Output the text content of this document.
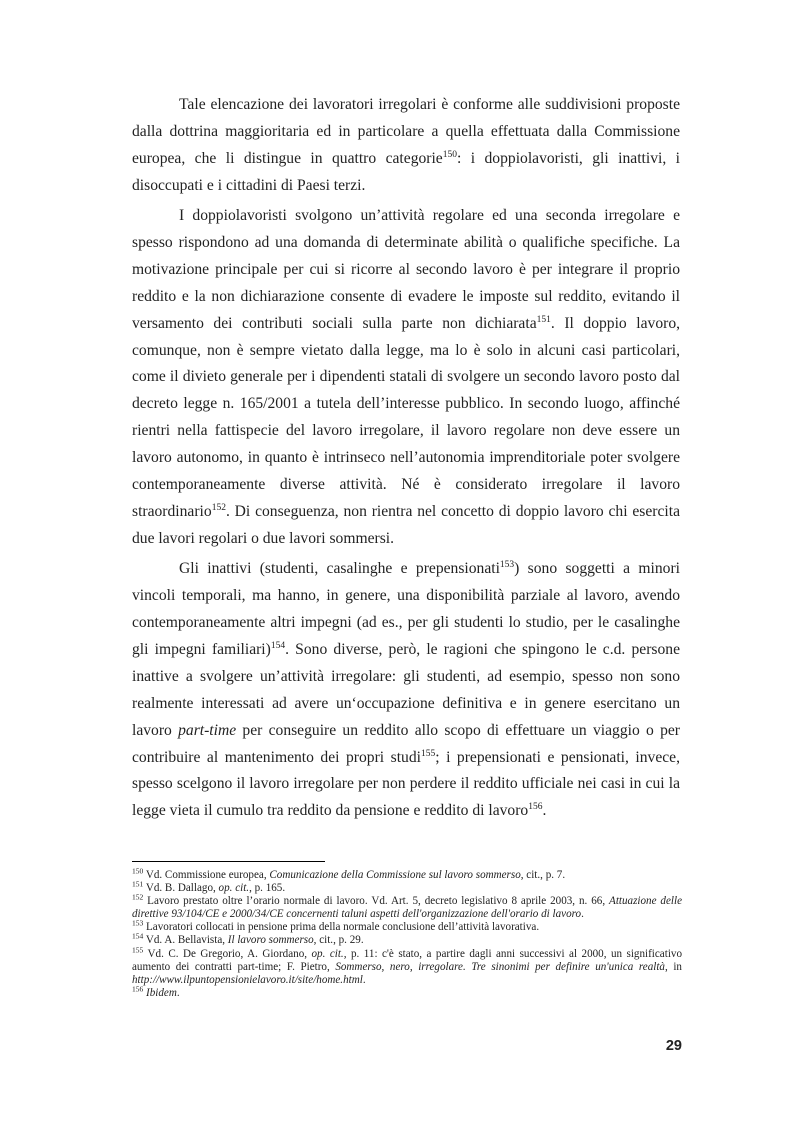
Tale elencazione dei lavoratori irregolari è conforme alle suddivisioni proposte dalla dottrina maggioritaria ed in particolare a quella effettuata dalla Commissione europea, che li distingue in quattro categorie$^{150}$: i doppiolavoristi, gli inattivi, i disoccupati e i cittadini di Paesi terzi.

I doppiolavoristi svolgono un’attività regolare ed una seconda irregolare e spesso rispondono ad una domanda di determinate abilità o qualifiche specifiche. La motivazione principale per cui si ricorre al secondo lavoro è per integrare il proprio reddito e la non dichiarazione consente di evadere le imposte sul reddito, evitando il versamento dei contributi sociali sulla parte non dichiarata$^{151}$. Il doppio lavoro, comunque, non è sempre vietato dalla legge, ma lo è solo in alcuni casi particolari, come il divieto generale per i dipendenti statali di svolgere un secondo lavoro posto dal decreto legge n. 165/2001 a tutela dell’interesse pubblico. In secondo luogo, affinché rientri nella fattispecie del lavoro irregolare, il lavoro regolare non deve essere un lavoro autonomo, in quanto è intrinseco nell’autonomia imprenditoriale poter svolgere contemporaneamente diverse attività. Né è considerato irregolare il lavoro straordinario$^{152}$. Di conseguenza, non rientra nel concetto di doppio lavoro chi esercita due lavori regolari o due lavori sommersi.

Gli inattivi (studenti, casalinghe e prepensionati$^{153}$) sono soggetti a minori vincoli temporali, ma hanno, in genere, una disponibilità parziale al lavoro, avendo contemporaneamente altri impegni (ad es., per gli studenti lo studio, per le casalinghe gli impegni familiari)$^{154}$. Sono diverse, però, le ragioni che spingono le c.d. persone inattive a svolgere un’attività irregolare: gli studenti, ad esempio, spesso non sono realmente interessati ad avere un‘occupazione definitiva e in genere esercitano un lavoro part-time per conseguire un reddito allo scopo di effettuare un viaggio o per contribuire al mantenimento dei propri studi$^{155}$; i prepensionati e pensionati, invece, spesso scelgono il lavoro irregolare per non perdere il reddito ufficiale nei casi in cui la legge vieta il cumulo tra reddito da pensione e reddito di lavoro$^{156}$.

$^{150}$ Vd. Commissione europea, Comunicazione della Commissione sul lavoro sommerso, cit., p. 7.

$^{151}$ Vd. B. Dallago, op. cit., p. 165.

$^{152}$ Lavoro prestato oltre l’orario normale di lavoro. Vd. Art. 5, decreto legislativo 8 aprile 2003, n. 66, Attuazione delle direttive 93/104/CE e 2000/34/CE concernenti taluni aspetti dell'organizzazione dell'orario di lavoro.

$^{153}$ Lavoratori collocati in pensione prima della normale conclusione dell’attività lavorativa.

$^{154}$ Vd. A. Bellavista, Il lavoro sommerso, cit., p. 29.

$^{155}$ Vd. C. De Gregorio, A. Giordano, op. cit., p. 11: c'è stato, a partire dagli anni successivi al 2000, un significativo aumento dei contratti part-time; F. Pietro, Sommerso, nero, irregolare. Tre sinonimi per definire un'unica realtà, in http://www.ilpuntopensionielavoro.it/site/home.html.

$^{156}$ Ibidem.

29
